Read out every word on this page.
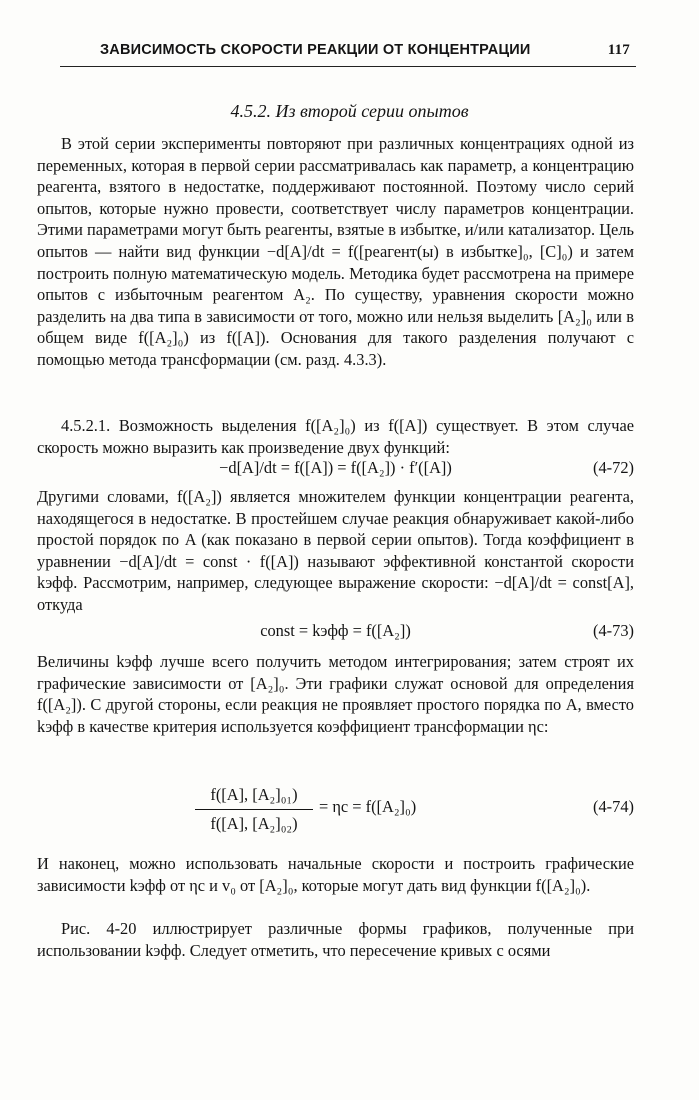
ЗАВИСИМОСТЬ СКОРОСТИ РЕАКЦИИ ОТ КОНЦЕНТРАЦИИ	117
4.5.2. Из второй серии опытов

В этой серии эксперименты повторяют при различных концентрациях одной из переменных, которая в первой серии рассматривалась как параметр, а концентрацию реагента, взятого в недостатке, поддерживают постоянной. Поэтому число серий опытов, которые нужно провести, соответствует числу параметров концентрации. Этими параметрами могут быть реагенты, взятые в избытке, и/или катализатор. Цель опытов — найти вид функции −d[A]/dt = f([реагент(ы) в избытке]₀, [C]₀) и затем построить полную математическую модель. Методика будет рассмотрена на примере опытов с избыточным реагентом A₂. По существу, уравнения скорости можно разделить на два типа в зависимости от того, можно или нельзя выделить [A₂]₀ или в общем виде f([A₂]₀) из f([A]). Основания для такого разделения получают с помощью метода трансформации (см. разд. 4.3.3).

4.5.2.1. Возможность выделения f([A₂]₀) из f([A]) существует. В этом случае скорость можно выразить как произведение двух функций:

−d[A]/dt = f([A]) = f([A₂]) · f′([A])	(4-72)

Другими словами, f([A₂]) является множителем функции концентрации реагента, находящегося в недостатке. В простейшем случае реакция обнаруживает какой-либо простой порядок по A (как показано в первой серии опытов). Тогда коэффициент в уравнении −d[A]/dt = const · f([A]) называют эффективной константой скорости kэфф. Рассмотрим, например, следующее выражение скорости: −d[A]/dt = const[A], откуда

const = kэфф = f([A₂])	(4-73)

Величины kэфф лучше всего получить методом интегрирования; затем строят их графические зависимости от [A₂]₀. Эти графики служат основой для определения f([A₂]). С другой стороны, если реакция не проявляет простого порядка по A, вместо kэфф в качестве критерия используется коэффициент трансформации ηc:

f([A], [A₂]₀₁)
f([A], [A₂]₀₂)
= ηc = f([A₂]₀)	(4-74)

И наконец, можно использовать начальные скорости и построить графические зависимости kэфф от ηc и v₀ от [A₂]₀, которые могут дать вид функции f([A₂]₀).

Рис. 4-20 иллюстрирует различные формы графиков, полученные при использовании kэфф. Следует отметить, что пересечение кривых с осями
